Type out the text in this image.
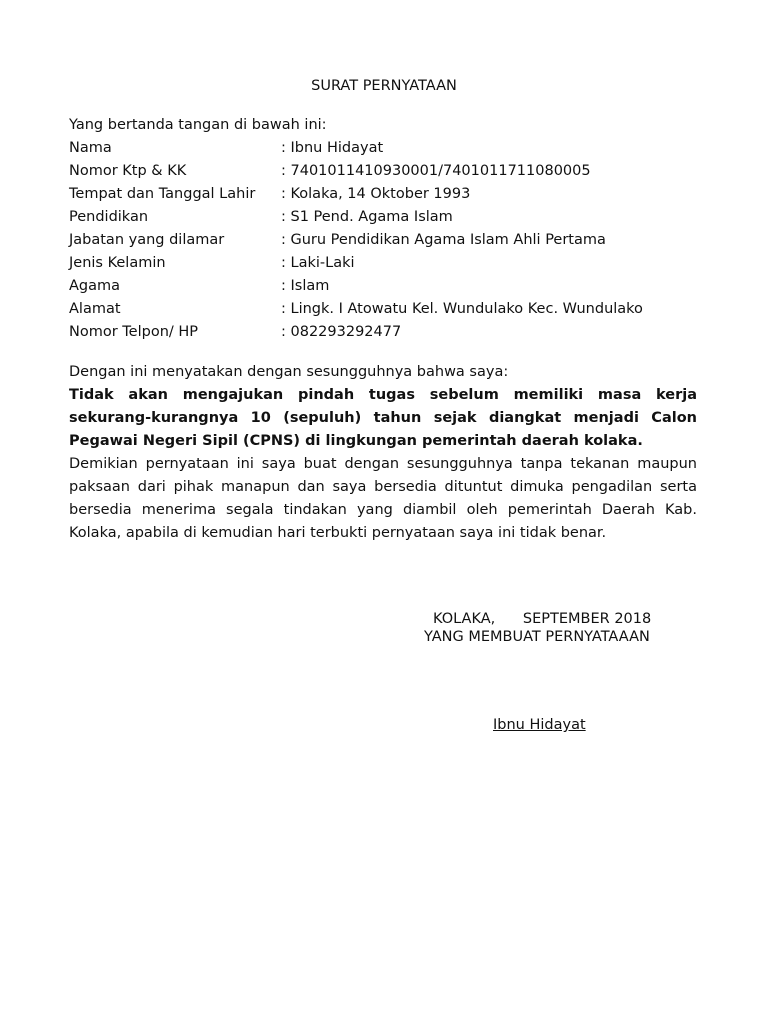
SURAT PERNYATAAN
Yang bertanda tangan di bawah ini:
Nama	: Ibnu Hidayat
Nomor Ktp & KK	: 7401011410930001/7401011711080005
Tempat dan Tanggal Lahir	: Kolaka, 14 Oktober 1993
Pendidikan	: S1 Pend. Agama Islam
Jabatan yang dilamar	: Guru Pendidikan Agama Islam Ahli Pertama
Jenis Kelamin	: Laki-Laki
Agama	: Islam
Alamat	: Lingk. I Atowatu Kel. Wundulako Kec. Wundulako
Nomor Telpon/ HP	: 082293292477

Dengan ini menyatakan dengan sesungguhnya bahwa saya:

Tidak akan mengajukan pindah tugas sebelum memiliki masa kerja sekurang-kurangnya 10 (sepuluh) tahun sejak diangkat menjadi Calon Pegawai Negeri Sipil (CPNS) di lingkungan pemerintah daerah kolaka.

Demikian pernyataan ini saya buat dengan sesungguhnya tanpa tekanan maupun paksaan dari pihak manapun dan saya bersedia dituntut dimuka pengadilan serta bersedia menerima segala tindakan yang diambil oleh pemerintah Daerah Kab. Kolaka, apabila di kemudian hari terbukti pernyataan saya ini tidak benar.

KOLAKA,      SEPTEMBER 2018
YANG MEMBUAT PERNYATAAAN
Ibnu Hidayat
